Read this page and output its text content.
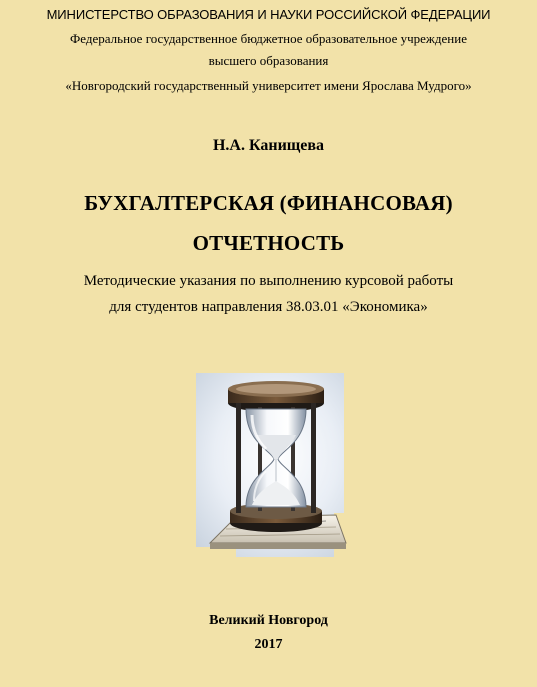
МИНИСТЕРСТВО ОБРАЗОВАНИЯ И НАУКИ РОССИЙСКОЙ ФЕДЕРАЦИИ
Федеральное государственное бюджетное образовательное учреждение
высшего образования
«Новгородский государственный университет имени Ярослава Мудрого»
Н.А. Канищева
БУХГАЛТЕРСКАЯ (ФИНАНСОВАЯ)
ОТЧЕТНОСТЬ
Методические указания по выполнению курсовой работы
для студентов направления 38.03.01 «Экономика»
Великий Новгород
2017
